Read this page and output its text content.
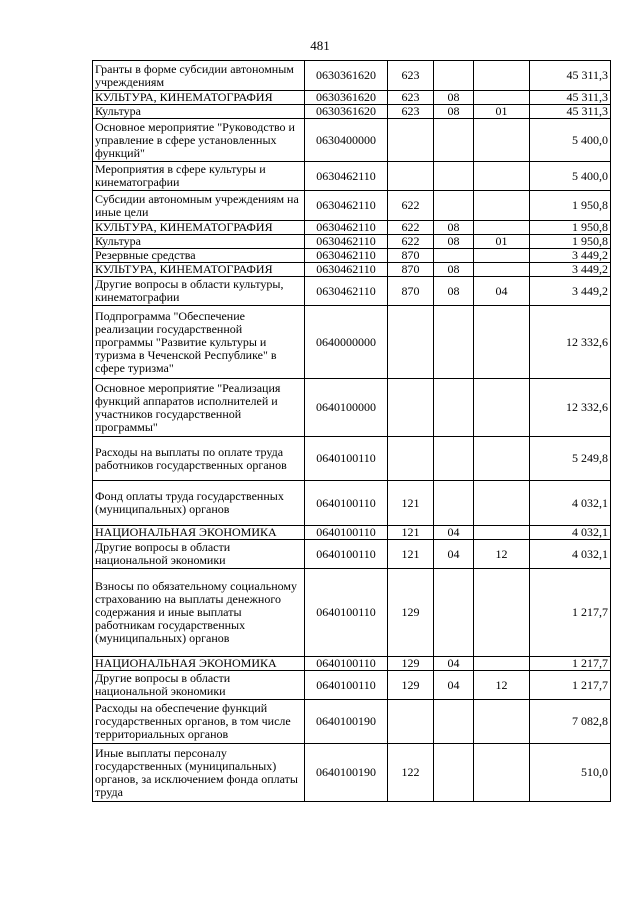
481
Гранты в форме субсидии автономным учреждениям	0630361620	623			45 311,3
КУЛЬТУРА, КИНЕМАТОГРАФИЯ	0630361620	623	08		45 311,3
Культура	0630361620	623	08	01	45 311,3
Основное мероприятие "Руководство и управление в сфере установленных функций"	0630400000				5 400,0
Мероприятия в сфере культуры и кинематографии	0630462110				5 400,0
Субсидии автономным учреждениям на иные цели	0630462110	622			1 950,8
КУЛЬТУРА, КИНЕМАТОГРАФИЯ	0630462110	622	08		1 950,8
Культура	0630462110	622	08	01	1 950,8
Резервные средства	0630462110	870			3 449,2
КУЛЬТУРА, КИНЕМАТОГРАФИЯ	0630462110	870	08		3 449,2
Другие вопросы в области культуры, кинематографии	0630462110	870	08	04	3 449,2
Подпрограмма "Обеспечение реализации государственной программы "Развитие культуры и туризма в Чеченской Республике" в сфере туризма"	0640000000				12 332,6
Основное мероприятие "Реализация функций аппаратов исполнителей и участников государственной программы"	0640100000				12 332,6
Расходы на выплаты по оплате труда работников государственных органов	0640100110				5 249,8
Фонд оплаты труда государственных (муниципальных) органов	0640100110	121			4 032,1
НАЦИОНАЛЬНАЯ ЭКОНОМИКА	0640100110	121	04		4 032,1
Другие вопросы в области национальной экономики	0640100110	121	04	12	4 032,1
Взносы по обязательному социальному страхованию на выплаты денежного содержания и иные выплаты работникам государственных (муниципальных) органов	0640100110	129			1 217,7
НАЦИОНАЛЬНАЯ ЭКОНОМИКА	0640100110	129	04		1 217,7
Другие вопросы в области национальной экономики	0640100110	129	04	12	1 217,7
Расходы на обеспечение функций государственных органов, в том числе территориальных органов	0640100190				7 082,8
Иные выплаты персоналу государственных (муниципальных) органов, за исключением фонда оплаты труда	0640100190	122			510,0
